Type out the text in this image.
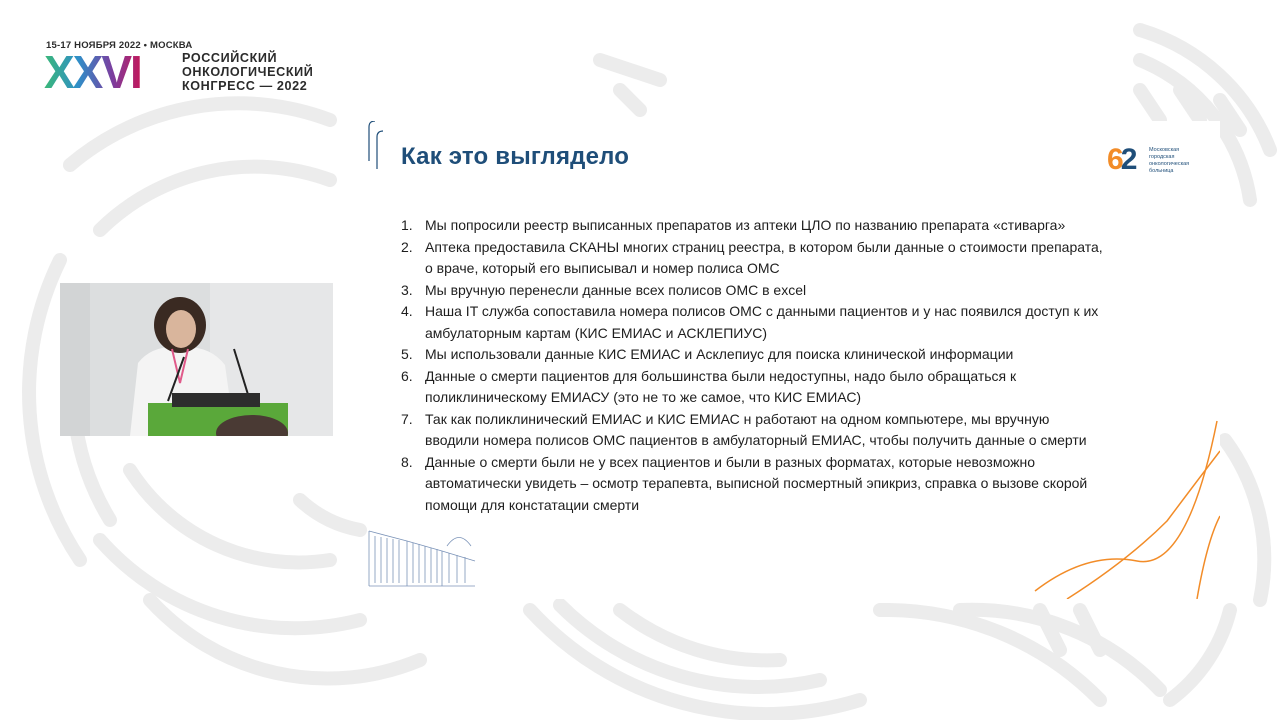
15-17 НОЯБРЯ 2022 • МОСКВА
XXVI	РОССИЙСКИЙ
ОНКОЛОГИЧЕСКИЙ
КОНГРЕСС — 2022
Как это выглядело	62	Московская
городская
онкологическая
больница
1. Мы попросили реестр выписанных препаратов из аптеки ЦЛО по названию препарата «стиварга»
2. Аптека предоставила СКАНЫ многих страниц реестра, в котором были данные о стоимости препарата,
о враче, который его выписывал и номер полиса ОМС
3. Мы вручную перенесли данные всех полисов ОМС в excel
4. Наша IT служба сопоставила номера полисов ОМС с данными пациентов и у нас появился доступ к их
амбулаторным картам (КИС ЕМИАС и АСКЛЕПИУС)
5. Мы использовали данные КИС ЕМИАС и Асклепиус для поиска клинической информации
6. Данные о смерти пациентов для большинства были недоступны, надо было обращаться к
поликлиническому ЕМИАСУ (это не то же самое, что КИС ЕМИАС)
7. Так как поликлинический ЕМИАС и КИС ЕМИАС н работают на одном компьютере, мы вручную
вводили номера полисов ОМС пациентов в амбулаторный ЕМИАС, чтобы получить данные о смерти
8. Данные о смерти были не у всех пациентов и были в разных форматах, которые невозможно
автоматически увидеть – осмотр терапевта, выписной посмертный эпикриз, справка о вызове скорой
помощи для констатации смерти
